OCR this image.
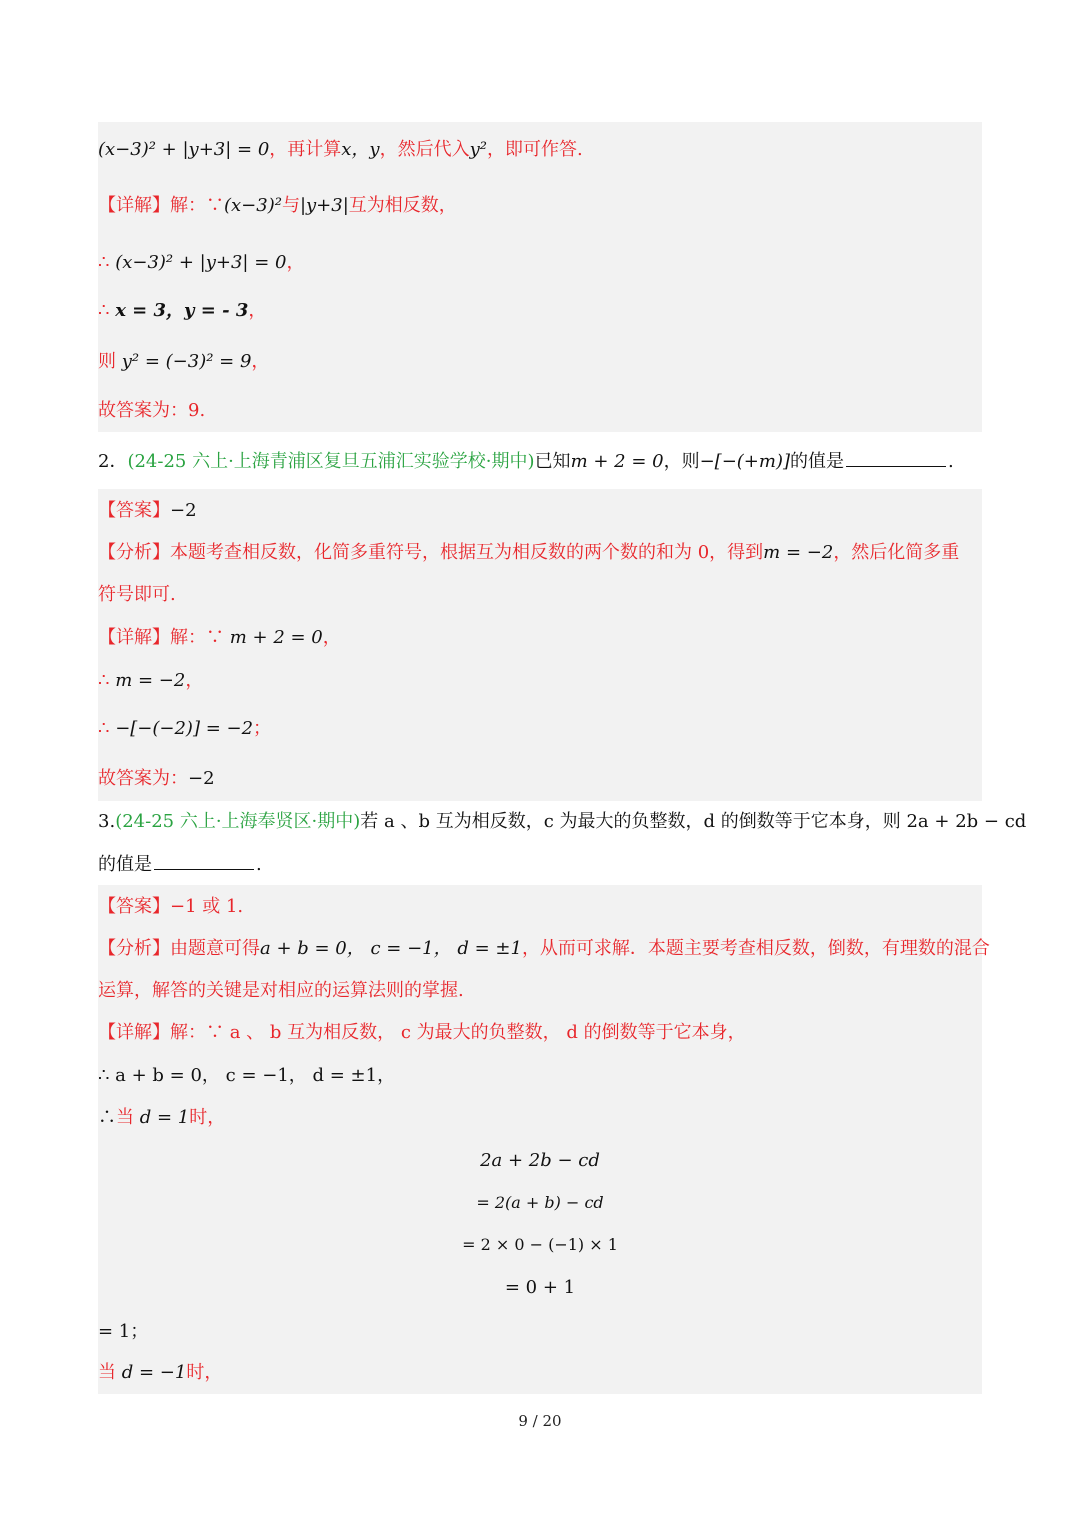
(x−3)² + |y+3| = 0，再计算x，y，然后代入y²，即可作答.
【详解】解：∵(x−3)²与|y+3|互为相反数，
∴ (x−3)² + |y+3| = 0，
∴ x = 3，y = - 3，
则 y² = (−3)² = 9，
故答案为：9.
2．(24-25 六上·上海青浦区复旦五浦汇实验学校·期中)已知m + 2 = 0，则−[−(+m)]的值是	.
【答案】−2
【分析】本题考查相反数，化简多重符号，根据互为相反数的两个数的和为 0，得到m = −2，然后化简多重
符号即可.
【详解】解：∵ m + 2 = 0，
∴ m = −2，
∴ −[−(−2)] = −2；
故答案为：−2
3.(24-25 六上·上海奉贤区·期中)若 a 、b 互为相反数，c 为最大的负整数，d 的倒数等于它本身，则 2a + 2b − cd
的值是	.
【答案】−1 或 1.
【分析】由题意可得a + b = 0， c = −1， d = ±1，从而可求解．本题主要考查相反数，倒数，有理数的混合
运算，解答的关键是对相应的运算法则的掌握.
【详解】解：∵ a 、 b 互为相反数， c 为最大的负整数， d 的倒数等于它本身，
∴ a + b = 0， c = −1， d = ±1，
∴当 d = 1时，
2a + 2b − cd
= 2(a + b) − cd
= 2 × 0 − (−1) × 1
= 0 + 1
= 1；
当 d = −1时，
9 / 20
